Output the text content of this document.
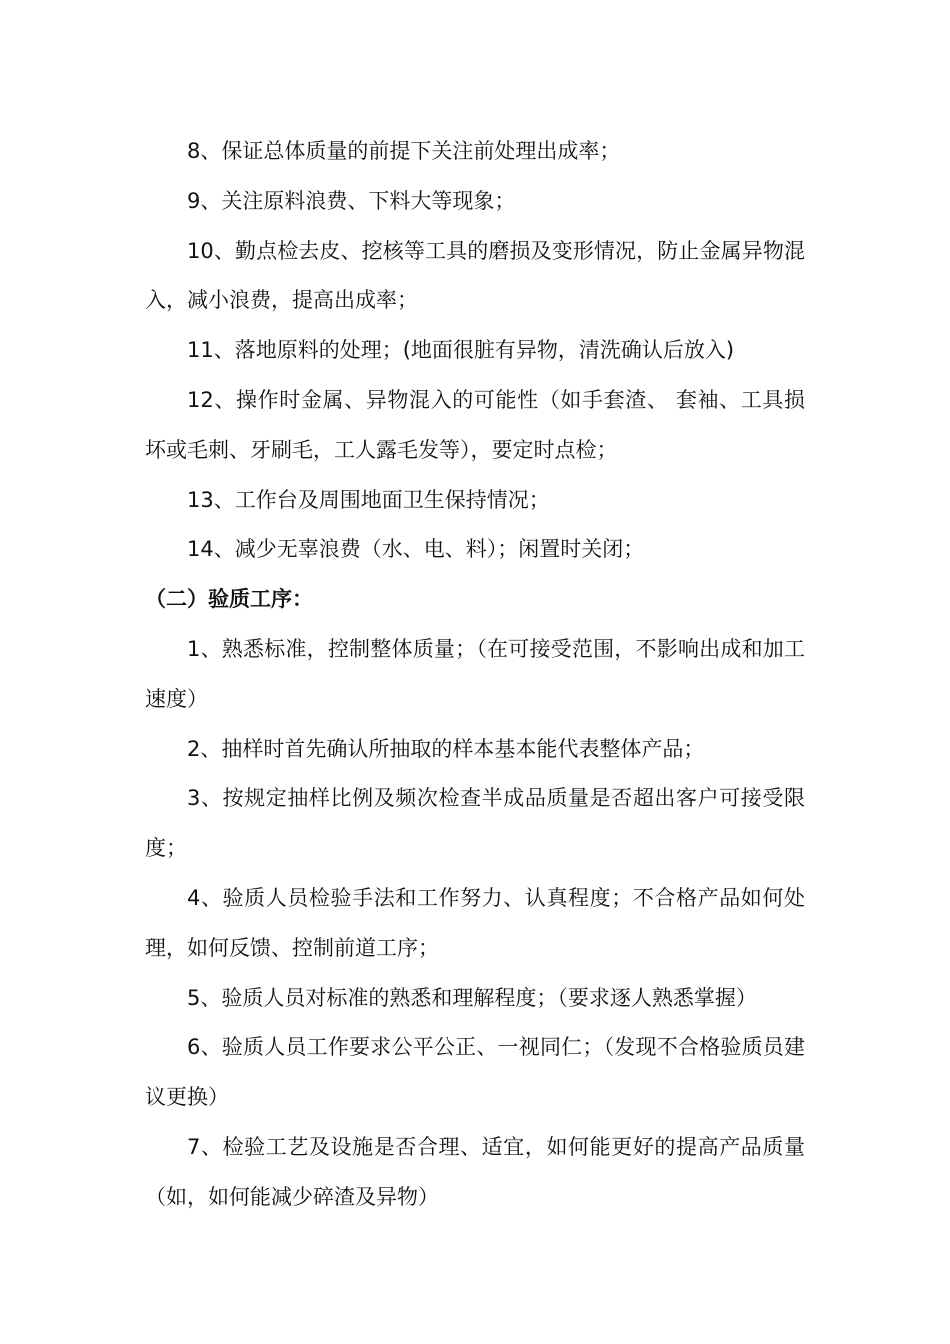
8、保证总体质量的前提下关注前处理出成率；

9、关注原料浪费、下料大等现象；

10、勤点检去皮、挖核等工具的磨损及变形情况，防止金属异物混入，减小浪费，提高出成率；

11、落地原料的处理；(地面很脏有异物，清洗确认后放入)

12、操作时金属、异物混入的可能性（如手套渣、 套袖、工具损坏或毛刺、牙刷毛，工人露毛发等），要定时点检；

13、工作台及周围地面卫生保持情况；

14、减少无辜浪费（水、电、料）；闲置时关闭；

（二）验质工序：

1、熟悉标准，控制整体质量；（在可接受范围，不影响出成和加工速度）

2、抽样时首先确认所抽取的样本基本能代表整体产品；

3、按规定抽样比例及频次检查半成品质量是否超出客户可接受限度；

4、验质人员检验手法和工作努力、认真程度；不合格产品如何处理，如何反馈、控制前道工序；

5、验质人员对标准的熟悉和理解程度；（要求逐人熟悉掌握）

6、验质人员工作要求公平公正、一视同仁；（发现不合格验质员建议更换）

7、检验工艺及设施是否合理、适宜，如何能更好的提高产品质量（如，如何能减少碎渣及异物）
